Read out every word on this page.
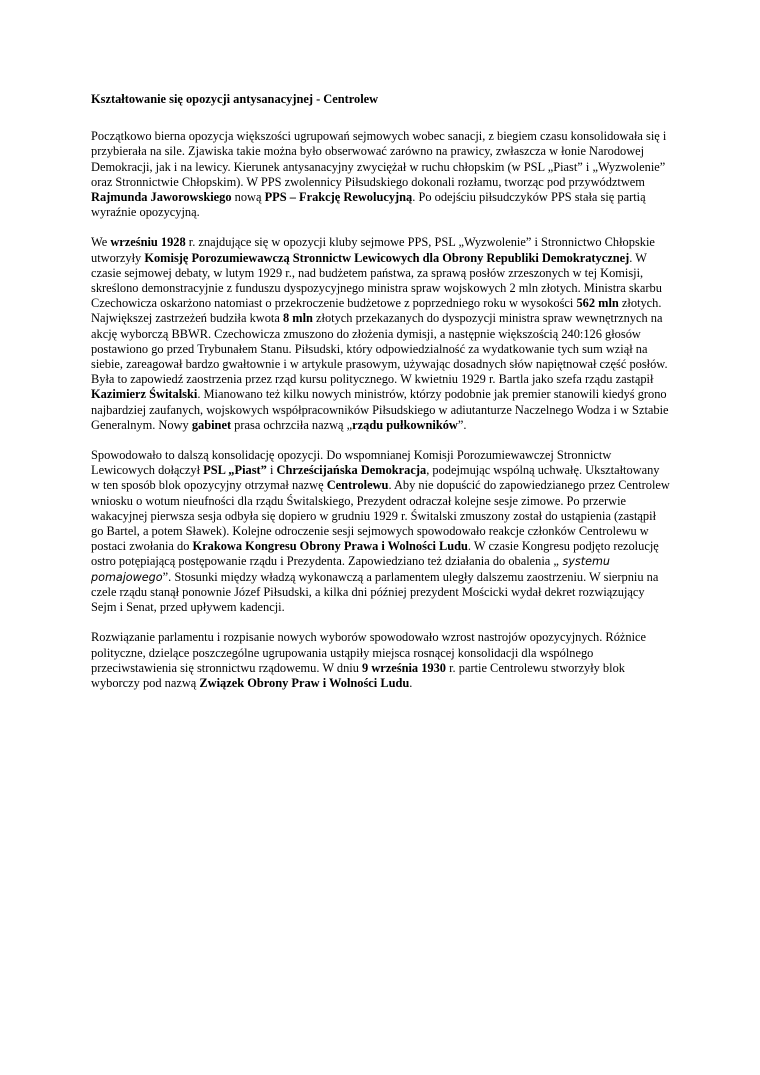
Kształtowanie się opozycji antysanacyjnej - Centrolew

Początkowo bierna opozycja większości ugrupowań sejmowych wobec sanacji, z biegiem czasu konsolidowała się i przybierała na sile. Zjawiska takie można było obserwować zarówno na prawicy, zwłaszcza w łonie Narodowej Demokracji, jak i na lewicy. Kierunek antysanacyjny zwyciężał w ruchu chłopskim (w PSL „Piast” i „Wyzwolenie” oraz Stronnictwie Chłopskim). W PPS zwolennicy Piłsudskiego dokonali rozłamu, tworząc pod przywództwem Rajmunda Jaworowskiego nową PPS – Frakcję Rewolucyjną. Po odejściu piłsudczyków PPS stała się partią wyraźnie opozycyjną.

We wrześniu 1928 r. znajdujące się w opozycji kluby sejmowe PPS, PSL „Wyzwolenie” i Stronnictwo Chłopskie utworzyły Komisję Porozumiewawczą Stronnictw Lewicowych dla Obrony Republiki Demokratycznej. W czasie sejmowej debaty, w lutym 1929 r., nad budżetem państwa, za sprawą posłów zrzeszonych w tej Komisji, skreślono demonstracyjnie z funduszu dyspozycyjnego ministra spraw wojskowych 2 mln złotych. Ministra skarbu Czechowicza oskarżono natomiast o przekroczenie budżetowe z poprzedniego roku w wysokości 562 mln złotych. Największej zastrzeżeń budziła kwota 8 mln złotych przekazanych do dyspozycji ministra spraw wewnętrznych na akcję wyborczą BBWR. Czechowicza zmuszono do złożenia dymisji, a następnie większością 240:126 głosów postawiono go przed Trybunałem Stanu. Piłsudski, który odpowiedzialność za wydatkowanie tych sum wziął na siebie, zareagował bardzo gwałtownie i w artykule prasowym, używając dosadnych słów napiętnował część posłów. Była to zapowiedź zaostrzenia przez rząd kursu politycznego. W kwietniu 1929 r. Bartla jako szefa rządu zastąpił Kazimierz Świtalski. Mianowano też kilku nowych ministrów, którzy podobnie jak premier stanowili kiedyś grono najbardziej zaufanych, wojskowych współpracowników Piłsudskiego w adiutanturze Naczelnego Wodza i w Sztabie Generalnym. Nowy gabinet prasa ochrzciła nazwą „rządu pułkowników”.

Spowodowało to dalszą konsolidację opozycji. Do wspomnianej Komisji Porozumiewawczej Stronnictw Lewicowych dołączył PSL „Piast” i Chrześcijańska Demokracja, podejmując wspólną uchwałę. Ukształtowany w ten sposób blok opozycyjny otrzymał nazwę Centrolewu. Aby nie dopuścić do zapowiedzianego przez Centrolew wniosku o wotum nieufności dla rządu Świtalskiego, Prezydent odraczał kolejne sesje zimowe. Po przerwie wakacyjnej pierwsza sesja odbyła się dopiero w grudniu 1929 r. Świtalski zmuszony został do ustąpienia (zastąpił go Bartel, a potem Sławek). Kolejne odroczenie sesji sejmowych spowodowało reakcje członków Centrolewu w postaci zwołania do Krakowa Kongresu Obrony Prawa i Wolności Ludu. W czasie Kongresu podjęto rezolucję ostro potępiającą postępowanie rządu i Prezydenta. Zapowiedziano też działania do obalenia „ systemu pomajowego”. Stosunki między władzą wykonawczą a parlamentem uległy dalszemu zaostrzeniu. W sierpniu na czele rządu stanął ponownie Józef Piłsudski, a kilka dni później prezydent Mościcki wydał dekret rozwiązujący Sejm i Senat, przed upływem kadencji.

Rozwiązanie parlamentu i rozpisanie nowych wyborów spowodowało wzrost nastrojów opozycyjnych. Różnice polityczne, dzielące poszczególne ugrupowania ustąpiły miejsca rosnącej konsolidacji dla wspólnego przeciwstawienia się stronnictwu rządowemu. W dniu 9 września 1930 r. partie Centrolewu stworzyły blok wyborczy pod nazwą Związek Obrony Praw i Wolności Ludu.
